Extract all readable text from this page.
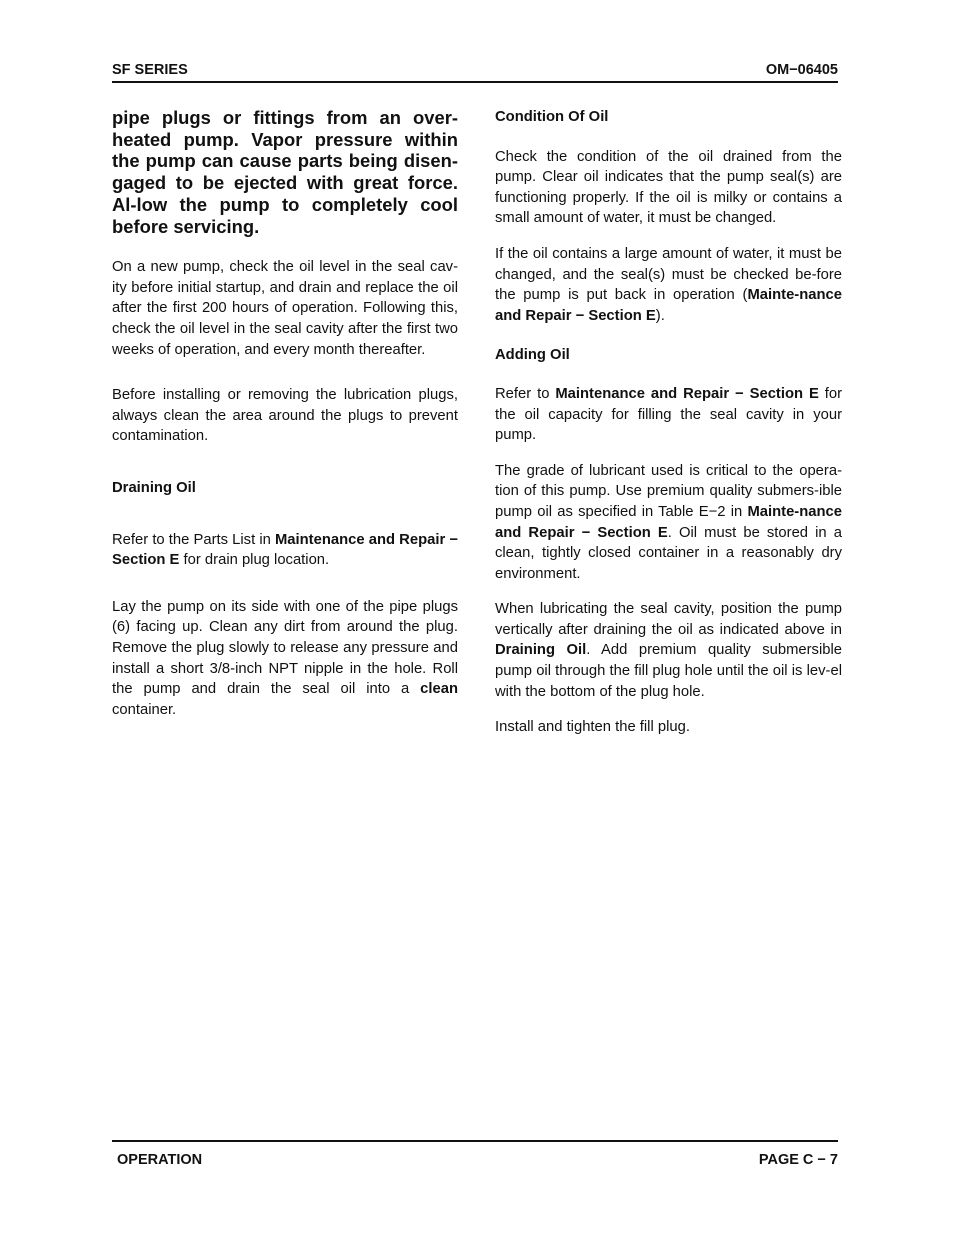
SF SERIES	OM−06405

pipe plugs or fittings from an over-heated pump. Vapor pressure within the pump can cause parts being disen-gaged to be ejected with great force. Al-low the pump to completely cool before servicing.

On a new pump, check the oil level in the seal cav-ity before initial startup, and drain and replace the oil after the first 200 hours of operation. Following this, check the oil level in the seal cavity after the first two weeks of operation, and every month thereafter.

Before installing or removing the lubrication plugs, always clean the area around the plugs to prevent contamination.

Draining Oil

Refer to the Parts List in Maintenance and Repair − Section E for drain plug location.

Lay the pump on its side with one of the pipe plugs (6) facing up. Clean any dirt from around the plug. Remove the plug slowly to release any pressure and install a short 3/8-inch NPT nipple in the hole. Roll the pump and drain the seal oil into a clean container.

Condition Of Oil

Check the condition of the oil drained from the pump. Clear oil indicates that the pump seal(s) are functioning properly. If the oil is milky or contains a small amount of water, it must be changed.

If the oil contains a large amount of water, it must be changed, and the seal(s) must be checked be-fore the pump is put back in operation (Mainte-nance and Repair − Section E).

Adding Oil

Refer to Maintenance and Repair − Section E for the oil capacity for filling the seal cavity in your pump.

The grade of lubricant used is critical to the opera-tion of this pump. Use premium quality submers-ible pump oil as specified in Table E−2 in Mainte-nance and Repair − Section E. Oil must be stored in a clean, tightly closed container in a reasonably dry environment.

When lubricating the seal cavity, position the pump vertically after draining the oil as indicated above in Draining Oil. Add premium quality submersible pump oil through the fill plug hole until the oil is lev-el with the bottom of the plug hole.

Install and tighten the fill plug.

OPERATION	PAGE C − 7
